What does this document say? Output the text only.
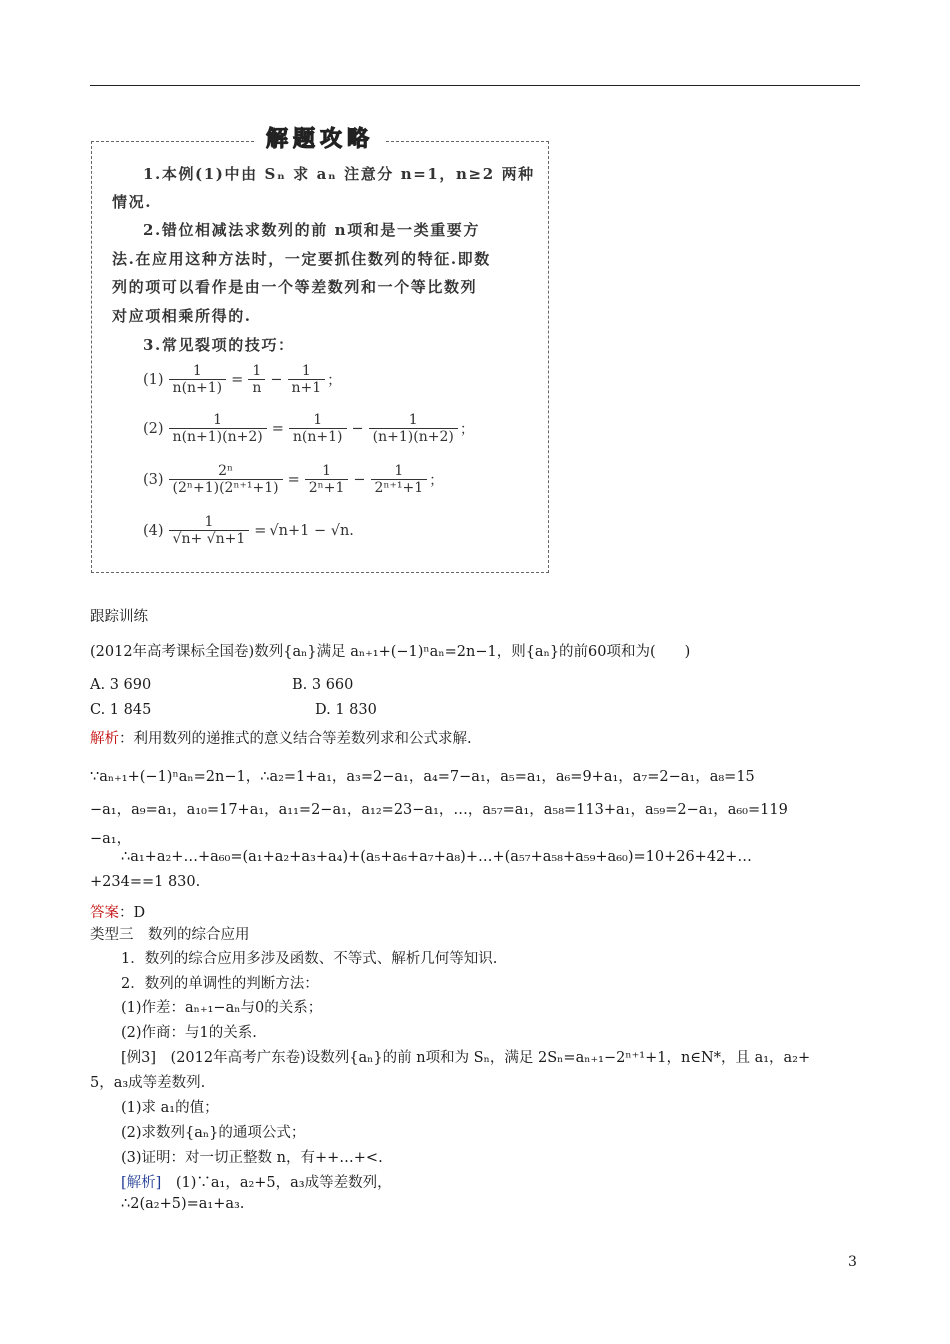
解题攻略
1.本例(1)中由 Sₙ 求 aₙ 注意分 n=1，n≥2 两种
情况.
2.错位相减法求数列的前 n项和是一类重要方
法.在应用这种方法时，一定要抓住数列的特征.即数
列的项可以看作是由一个等差数列和一个等比数列
对应项相乘所得的.
3.常见裂项的技巧：
$(1) \frac{1}{n(n+1)} = \frac{1}{n} - \frac{1}{n+1}$ ；
$(2) \frac{1}{n(n+1)(n+2)} = \frac{1}{n(n+1)} - \frac{1}{(n+1)(n+2)}$ ；
$(3) \frac{\text{2ⁿ}}{\text{(2ⁿ+1)(2ⁿ⁺¹+1)}} = \frac{1}{\text{2ⁿ+1}} - \frac{1}{\text{2ⁿ⁺¹+1}}$ ；
$(4) \frac{1}{√n+ √n+1} = √n+1 - √n$.
跟踪训练
(2012年高考课标全国卷)数列{aₙ}满足 aₙ₊₁+(−1)ⁿaₙ=2n−1，则{aₙ}的前60项和为(　　)
A. 3 690	B. 3 660
C. 1 845	D. 1 830
解析：利用数列的递推式的意义结合等差数列求和公式求解.
∵aₙ₊₁+(−1)ⁿaₙ=2n−1，∴a₂=1+a₁，a₃=2−a₁，a₄=7−a₁，a₅=a₁，a₆=9+a₁，a₇=2−a₁，a₈=15
−a₁，a₉=a₁，a₁₀=17+a₁，a₁₁=2−a₁，a₁₂=23−a₁，…，a₅₇=a₁，a₅₈=113+a₁，a₅₉=2−a₁，a₆₀=119
−a₁，
∴a₁+a₂+…+a₆₀=(a₁+a₂+a₃+a₄)+(a₅+a₆+a₇+a₈)+…+(a₅₇+a₅₈+a₅₉+a₆₀)=10+26+42+…
+234==1 830.
答案：D
类型三　数列的综合应用
1．数列的综合应用多涉及函数、不等式、解析几何等知识.
2．数列的单调性的判断方法：
(1)作差：aₙ₊₁−aₙ与0的关系；
(2)作商：与1的关系.
[例3]　(2012年高考广东卷)设数列{aₙ}的前 n项和为 Sₙ，满足 2Sₙ=aₙ₊₁−2ⁿ⁺¹+1，n∈N*，且 a₁，a₂+
5，a₃成等差数列.
(1)求 a₁的值；
(2)求数列{aₙ}的通项公式；
(3)证明：对一切正整数 n，有++…+<.
[解析]　(1)∵a₁，a₂+5，a₃成等差数列，
∴2(a₂+5)=a₁+a₃.
3
